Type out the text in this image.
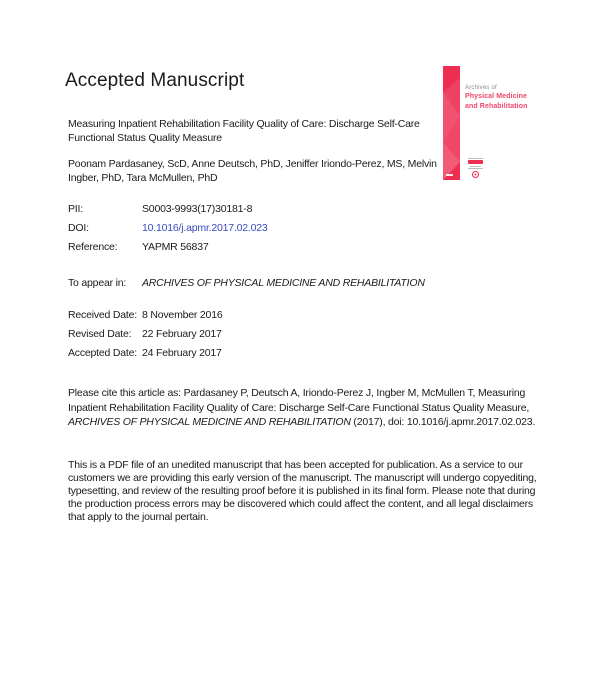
Accepted Manuscript	Archives of
Physical Medicine
and Rehabilitation

Measuring Inpatient Rehabilitation Facility Quality of Care: Discharge Self-Care Functional Status Quality Measure

Poonam Pardasaney, ScD, Anne Deutsch, PhD, Jeniffer Iriondo-Perez, MS, Melvin Ingber, PhD, Tara McMullen, PhD

PII:	S0003-9993(17)30181-8
DOI:	10.1016/j.apmr.2017.02.023
Reference:	YAPMR 56837
To appear in:	ARCHIVES OF PHYSICAL MEDICINE AND REHABILITATION
Received Date: 8 November 2016
Revised Date:	22 February 2017
Accepted Date: 24 February 2017

Please cite this article as: Pardasaney P, Deutsch A, Iriondo-Perez J, Ingber M, McMullen T, Measuring Inpatient Rehabilitation Facility Quality of Care: Discharge Self-Care Functional Status Quality Measure, ARCHIVES OF PHYSICAL MEDICINE AND REHABILITATION (2017), doi: 10.1016/j.apmr.2017.02.023.

This is a PDF file of an unedited manuscript that has been accepted for publication. As a service to our customers we are providing this early version of the manuscript. The manuscript will undergo copyediting, typesetting, and review of the resulting proof before it is published in its final form. Please note that during the production process errors may be discovered which could affect the content, and all legal disclaimers that apply to the journal pertain.
